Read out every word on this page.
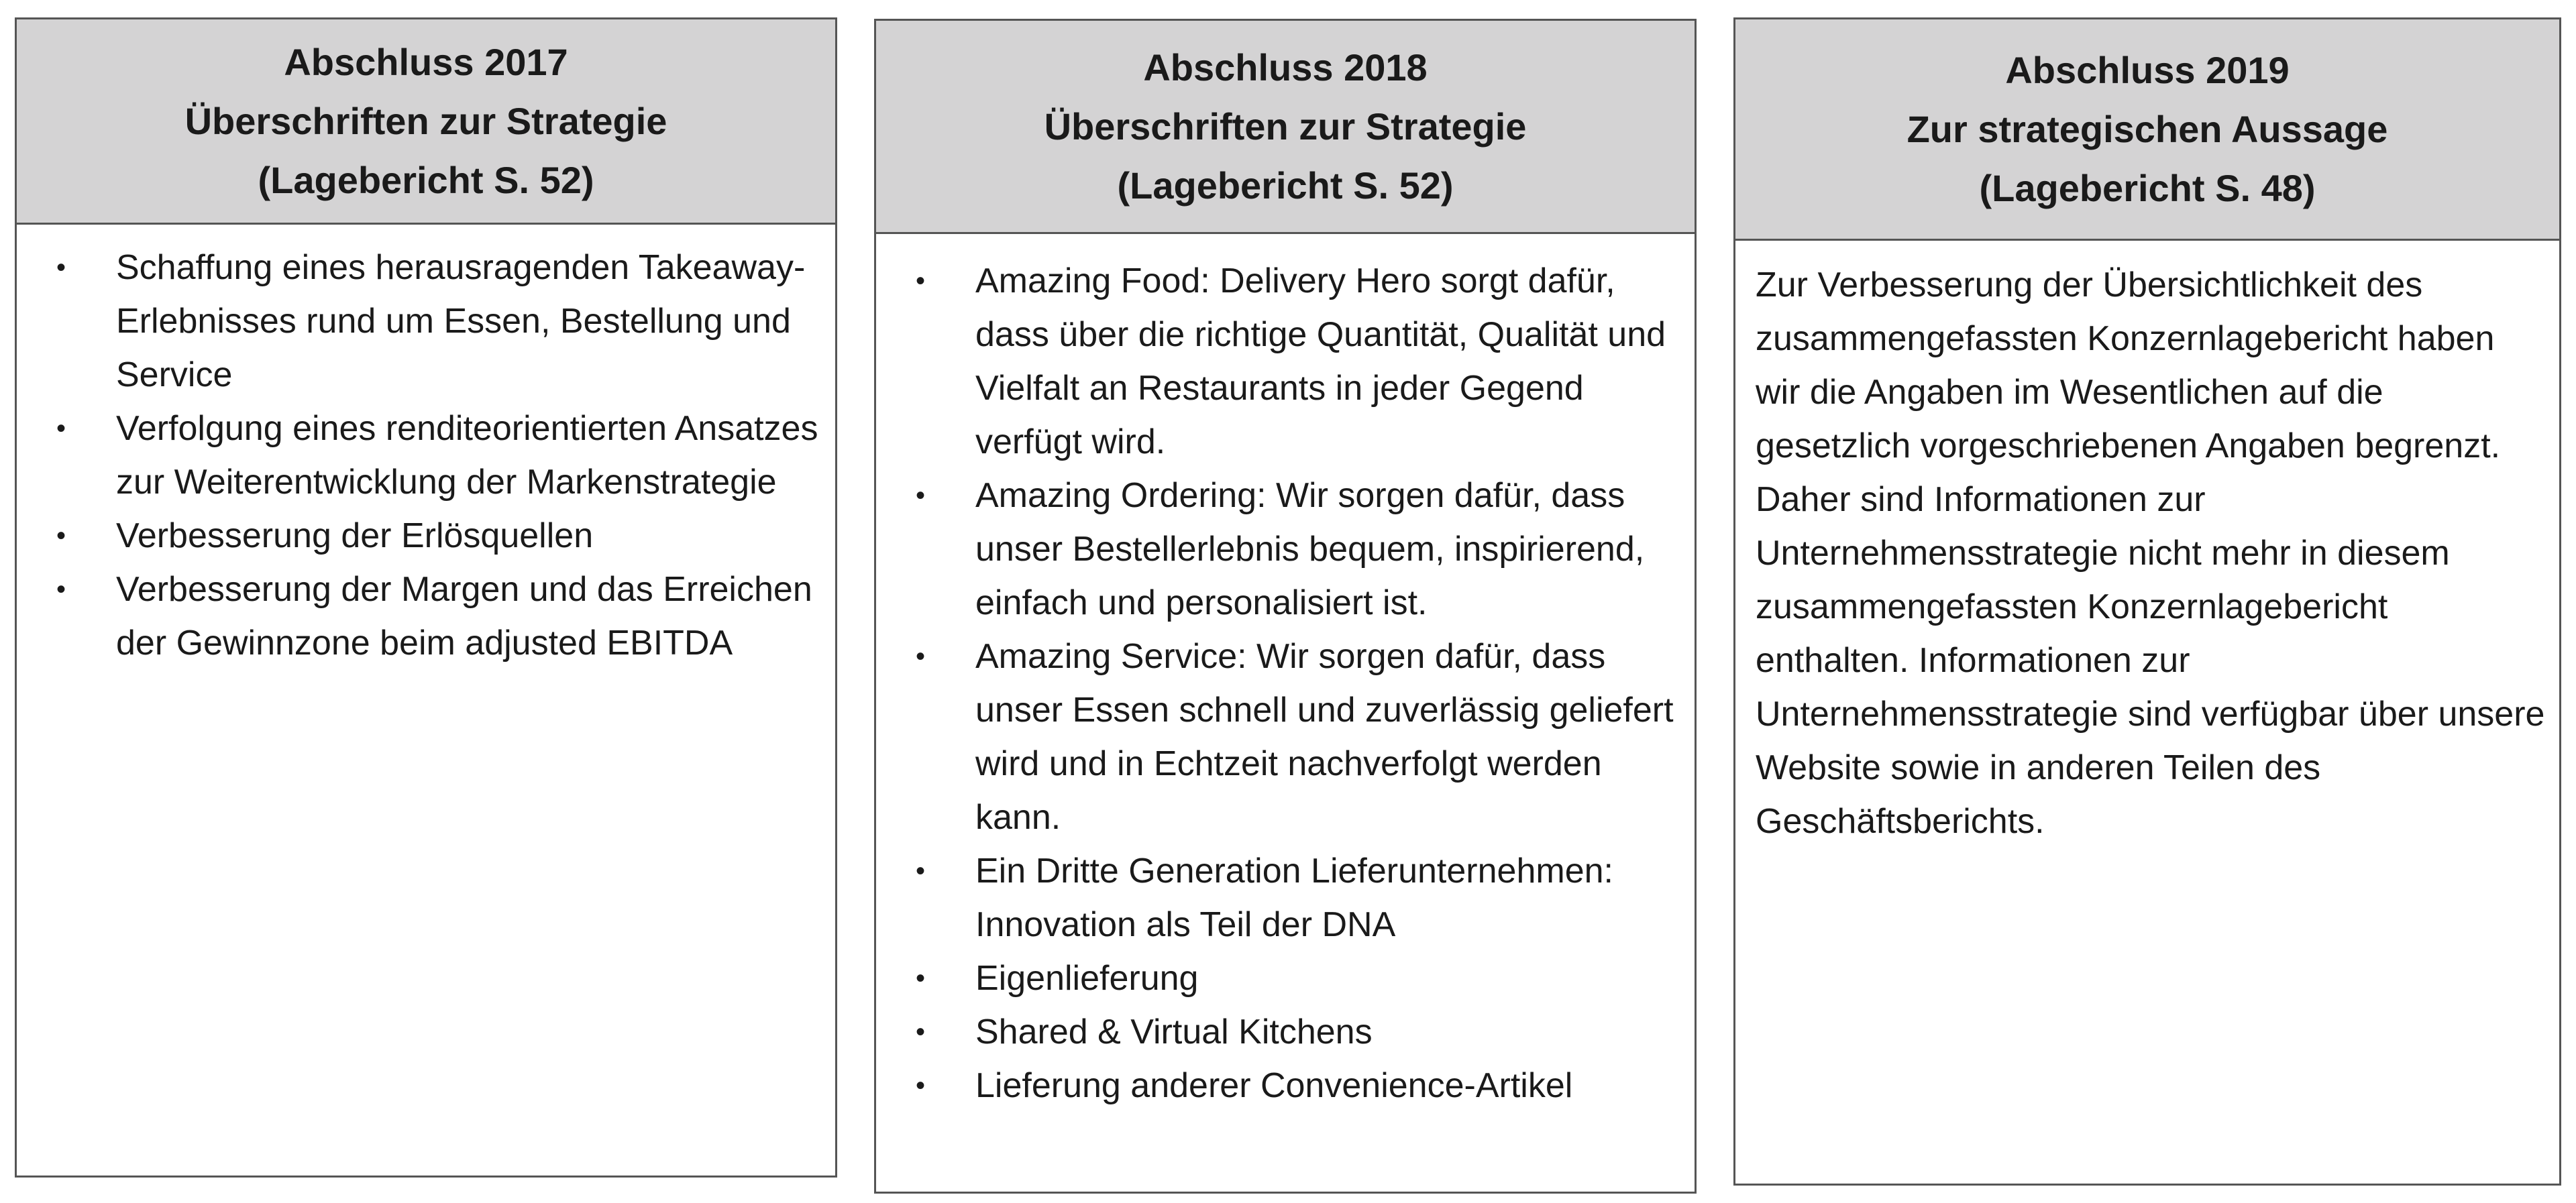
Abschluss 2017
Überschriften zur Strategie
(Lagebericht S. 52)
• Schaffung eines herausragenden Takeaway-Erlebnisses rund um Essen, Bestellung und Service
• Verfolgung eines renditeorientierten Ansatzes zur Weiterentwicklung der Markenstrategie
• Verbesserung der Erlösquellen
• Verbesserung der Margen und das Erreichen der Gewinnzone beim adjusted EBITDA
Abschluss 2018
Überschriften zur Strategie
(Lagebericht S. 52)
• Amazing Food: Delivery Hero sorgt dafür, dass über die richtige Quantität, Qualität und Vielfalt an Restaurants in jeder Gegend verfügt wird.
• Amazing Ordering: Wir sorgen dafür, dass unser Bestellerlebnis bequem, inspirierend, einfach und personalisiert ist.
• Amazing Service: Wir sorgen dafür, dass unser Essen schnell und zuverlässig geliefert wird und in Echtzeit nachverfolgt werden kann.
• Ein Dritte Generation Lieferunternehmen: Innovation als Teil der DNA
• Eigenlieferung
• Shared & Virtual Kitchens
• Lieferung anderer Convenience-Artikel
Abschluss 2019
Zur strategischen Aussage
(Lagebericht S. 48)
Zur Verbesserung der Übersichtlichkeit des zusammengefassten Konzernlagebericht haben wir die Angaben im Wesentlichen auf die gesetzlich vorgeschriebenen Angaben begrenzt. Daher sind Informationen zur Unternehmensstrategie nicht mehr in diesem zusammengefassten Konzernlagebericht enthalten. Informationen zur Unternehmensstrategie sind verfügbar über unsere Website sowie in anderen Teilen des Geschäftsberichts.
